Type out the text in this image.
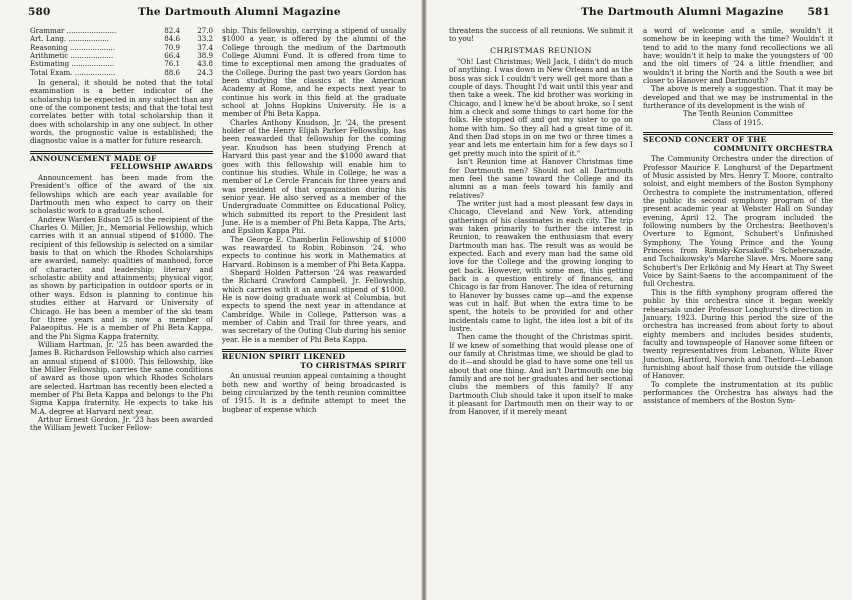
580	The Dartmouth Alumni Magazine
Grammar ......................	82.4	27.0
Art. Lang. ..................	84.6	33.2
Reasoning ....................	70.9	37.4
Arithmetic ...................	66.4	38.9
Estimating ...................	76.1	43.8
Total Exam. ..................	88.6	24.3

In general, it should be noted that the total examination is a better indicator of the scholarship to be expected in any subject than any one of the component tests; and that the total test correlates better with total scholarship than it does with scholarship in any one subject. In other words, the prognostic value is established; the diagnostic value is a matter for future research.

ANNOUNCEMENT MADE OF
FELLOWSHIP AWARDS

Announcement has been made from the President's office of the award of the six fellowships which are each year available for Dartmouth men who expect to carry on their scholastic work to a graduate school.

Andrew Warden Edson '25 is the recipient of the Charles O. Miller, Jr., Memorial Fellowship, which carries with it an annual stipend of $1000. The recipient of this fellowship is selected on a similar basis to that on which the Rhodes Scholarships are awarded, namely: qualities of manhood, force of character, and leadership; literary and scholastic ability and attainments; physical vigor, as shown by participation in outdoor sports or in other ways. Edson is planning to continue his studies either at Harvard or University of Chicago. He has been a member of the ski team for three years and is now a member of Palaeopitus. He is a member of Phi Beta Kappa, and the Phi Sigma Kappa fraternity.

William Hartman, Jr. '25 has been awarded the James B. Richardson Fellowship which also carries an annual stipend of $1000. This fellowship, like the Miller Fellowship, carries the same conditions of award as those upon which Rhodes Scholars are selected. Hartman has recently been elected a member of Phi Beta Kappa and belongs to the Phi Sigma Kappa fraternity. He expects to take his M.A. degree at Harvard next year.

Arthur Ernest Gordon, Jr. '23 has been awarded the William Jewett Tucker Fellow-

ship. This fellowship, carrying a stipend of usually $1000 a year, is offered by the alumni of the College through the medium of the Dartmouth College Alumni Fund. It is offered from time to time to exceptional men among the graduates of the College. During the past two years Gordon has been studying the classics at the American Academy at Rome, and he expects next year to continue his work in this field at the graduate school at Johns Hopkins University. He is a member of Phi Beta Kappa.

Charles Anthony Knudson, Jr. '24, the present holder of the Henry Elijah Parker Fellowship, has been reawarded that fellowship for the coming year. Knudson has been studying French at Harvard this past year and the $1000 award that goes with this fellowship will enable him to continue his studies. While in College, he was a member of Le Cercle Francais for three years and was president of that organization during his senior year. He also served as a member of the Undergraduate Committee on Educational Policy, which submitted its report to the President last June. He is a member of Phi Beta Kappa, The Arts, and Epsilon Kappa Phi.

The George E. Chamberlin Fellowship of $1000 was reawarded to Robin Robinson '24, who expects to continue his work in Mathematics at Harvard. Robinson is a member of Phi Beta Kappa.

Shepard Holden Patterson '24 was reawarded the Richard Crawford Campbell, Jr. Fellowship, which carries with it an annual stipend of $1000. He is now doing graduate work at Columbia, but expects to spend the next year in attendance at Cambridge. While in College, Patterson was a member of Cabin and Trail for three years, and was secretary of the Outing Club during his senior year. He is a member of Phi Beta Kappa.

REUNION SPIRIT LIKENED
TO CHRISTMAS SPIRIT

An unusual reunion appeal containing a thought both new and worthy of being broadcasted is being circularized by the tenth reunion committee of 1915. It is a definite attempt to meet the bugbear of expense which

The Dartmouth Alumni Magazine 581

threatens the success of all reunions. We submit it to you!

CHRISTMAS REUNION

"Oh! Last Christmas; Well Jack, I didn't do much of anything. I was down in New Orleans and as the boss was sick I couldn't very well get more than a couple of days. Thought I'd wait until this year and then take a week. The kid brother was working in Chicago, and I knew he'd be about broke, so I sent him a check and some things to cart home for the folks. He stopped off and got my sister to go on home with him. So they all had a great time of it. And then Dad stops in on me two or three times a year and lets me entertain him for a few days so I get pretty much into the spirit of it."

Isn't Reunion time at Hanover Christmas time for Dartmouth men? Should not all Dartmouth men feel the same toward the College and its alumni as a man feels toward his family and relatives?

The writer just had a most pleasant few days in Chicago, Cleveland and New York, attending gatherings of his classmates in each city. The trip was taken primarily to further the interest in Reunion, to reawaken the enthusiasm that every Dartmouth man has. The result was as would be expected. Each and every man had the same old love for the College and the growing longing to get back. However, with some men, this getting back is a question entirely of finances, and Chicago is far from Hanover. The idea of returning to Hanover by busses came up—and the expense was cut in half. But when the extra time to be spent, the hotels to be provided for and other incidentals came to light, the idea lost a bit of its lustre.

Then came the thought of the Christmas spirit. If we knew of something that would please one of our family at Christmas time, we should be glad to do it—and should be glad to have some one tell us about that one thing. And isn't Dartmouth one big family and are not her graduates and her sectional clubs the members of this family? If any Dartmouth Club should take it upon itself to make it pleasant for Dartmouth men on their way to or from Hanover, if it merely meant

a word of welcome and a smile, wouldn't it somehow be in keeping with the time? Wouldn't it tend to add to the many fond recollections we all have; wouldn't it help to make the youngsters of '00 and the old timers of '24 a little friendlier, and wouldn't it bring the North and the South a wee bit closer to Hanover and Dartmouth?

The above is merely a suggestion. That it may be developed and that we may be instrumental in the furtherance of its development is the wish of

The Tenth Reunion Committee

Class of 1915.

SECOND CONCERT OF THE
COMMUNITY ORCHESTRA

The Community Orchestra under the direction of Professor Maurice F. Longhurst of the Department of Music assisted by Mrs. Henry T. Moore, contralto soloist, and eight members of the Boston Symphony Orchestra to complete the instrumentation, offered the public its second symphony program of the present academic year at Webster Hall on Sunday evening, April 12. The program included the following numbers by the Orchestra: Beethoven's Overture to Egmont, Schubert's Unfinished Symphony, The Young Prince and the Young Princess from Rimsky-Korsakoff's Scheherazade, and Tschaikowsky's Marche Slave. Mrs. Moore sang Schubert's Der Erlkönig and My Heart at Thy Sweet Voice by Saint-Saens to the accompaniment of the full Orchestra.

This is the fifth symphony program offered the public by this orchestra since it began weekly rehearsals under Professor Longhurst's direction in January, 1923. During this period the size of the orchestra has increased from about forty to about eighty members and includes besides students, faculty and townspeople of Hanover some fifteen or twenty representatives from Lebanon, White River Junction, Hartford, Norwich and Thetford—Lebanon furnishing about half those from outside the village of Hanover.

To complete the instrumentation at its public performances the Orchestra has always had the assistance of members of the Boston Sym-
